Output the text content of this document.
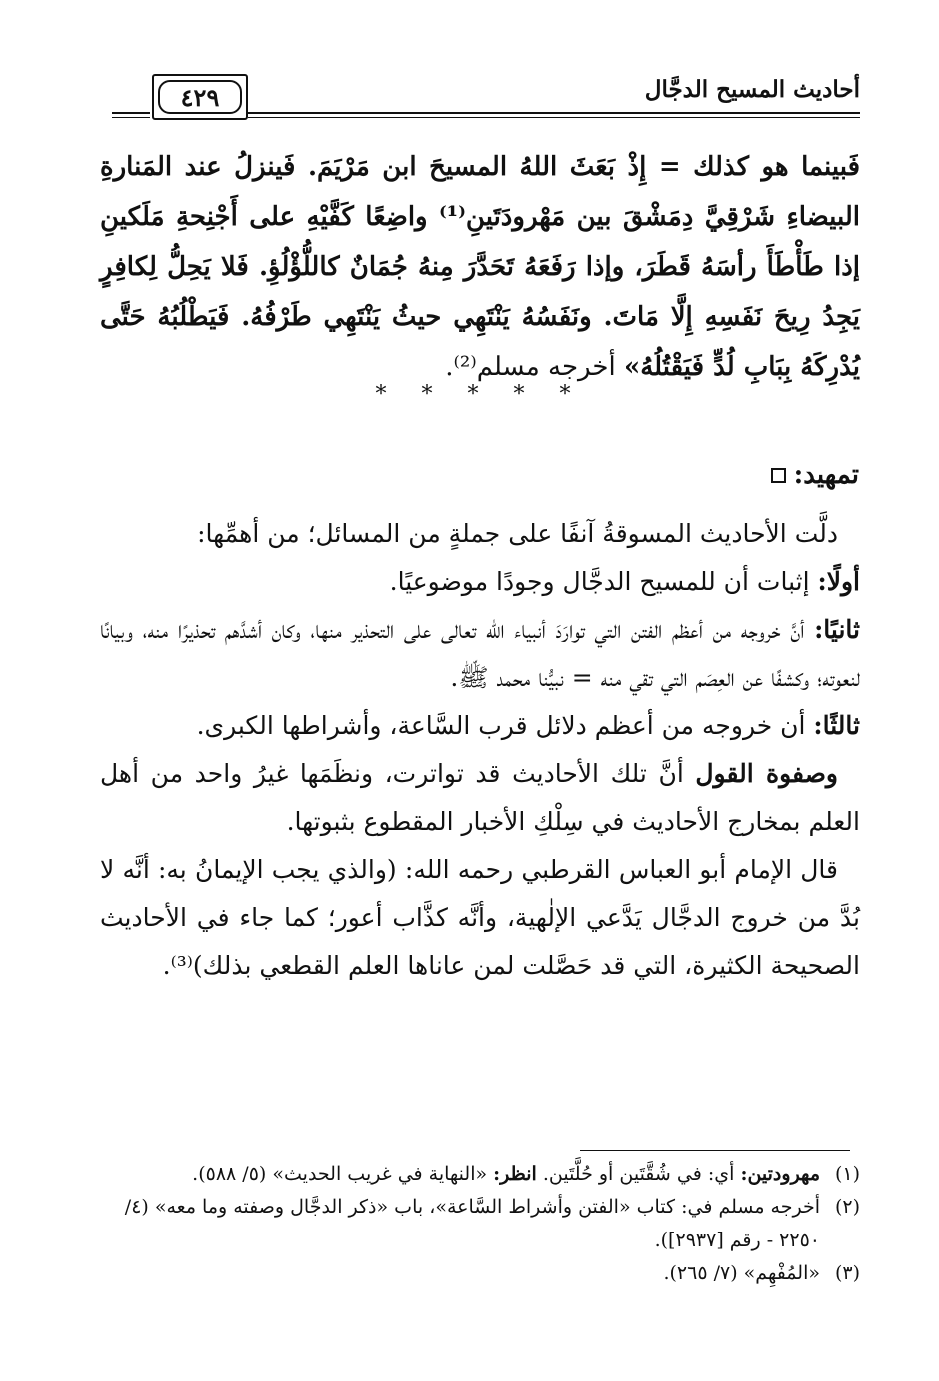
أحاديث المسيح الدجَّال
٤٢٩
فَبينما هو كذلك = إِذْ بَعَثَ اللهُ المسيحَ ابن مَرْيَمَ. فَينزلُ عند المَنارةِ البيضاءِ شَرْقِيَّ دِمَشْقَ بين مَهْرودَتَينِ⁽¹⁾ واضِعًا كَفَّيْهِ على أَجْنِحةِ مَلَكينِ إذا طَأْطَأَ رأسَهُ قَطَرَ، وإذا رَفَعَهُ تَحَدَّرَ مِنهُ جُمَانٌ كاللُّؤْلُؤِ. فَلا يَحِلُّ لِكافِرٍ يَجِدُ رِيحَ نَفَسِهِ إِلَّا مَاتَ. ونَفَسُهُ يَنْتَهِي حيثُ يَنْتَهِي طَرْفُهُ. فَيَطْلُبُهُ حَتَّى يُدْرِكَهُ بِبَابِ لُدٍّ فَيَقْتُلُهُ» أخرجه مسلم⁽²⁾.
* * * * *
تمهيد:

دلَّت الأحاديث المسوقةُ آنفًا على جملةٍ من المسائل؛ من أهمِّها:

أولًا: إثبات أن للمسيح الدجَّال وجودًا موضوعيًا.

ثانيًا: أنَّ خروجه من أعظم الفتن التي توارَدَ أنبياء الله تعالى على التحذير منها، وكان أشدَّهم تحذيرًا منه، وبيانًا لنعوته؛ وكشفًا عن العِصَم التي تقي منه = نبيُّنا محمد ﷺ.

ثالثًا: أن خروجه من أعظم دلائل قرب السَّاعة، وأشراطها الكبرى.

وصفوة القول أنَّ تلك الأحاديث قد تواترت، ونظَمَها غيرُ واحد من أهل العلم بمخارج الأحاديث في سِلْكِ الأخبار المقطوع بثبوتها.

قال الإمام أبو العباس القرطبي رحمه الله: (والذي يجب الإيمانُ به: أنَّه لا بُدَّ من خروج الدجَّال يَدَّعي الإلٰهية، وأنَّه كذَّاب أعور؛ كما جاء في الأحاديث الصحيحة الكثيرة، التي قد حَصَّلت لمن عاناها العلم القطعي بذلك)⁽³⁾.

(١)
مهرودتين: أي: في شُقَّتَين أو حُلَّتَين. انظر: «النهاية في غريب الحديث» (٥/ ٥٨٨).
(٢)
أخرجه مسلم في: كتاب «الفتن وأشراط السَّاعة»، باب «ذكر الدجَّال وصفته وما معه» (٤/ ٢٢٥٠ - رقم [٢٩٣٧]).
(٣)
«المُفْهِم» (٧/ ٢٦٥).
